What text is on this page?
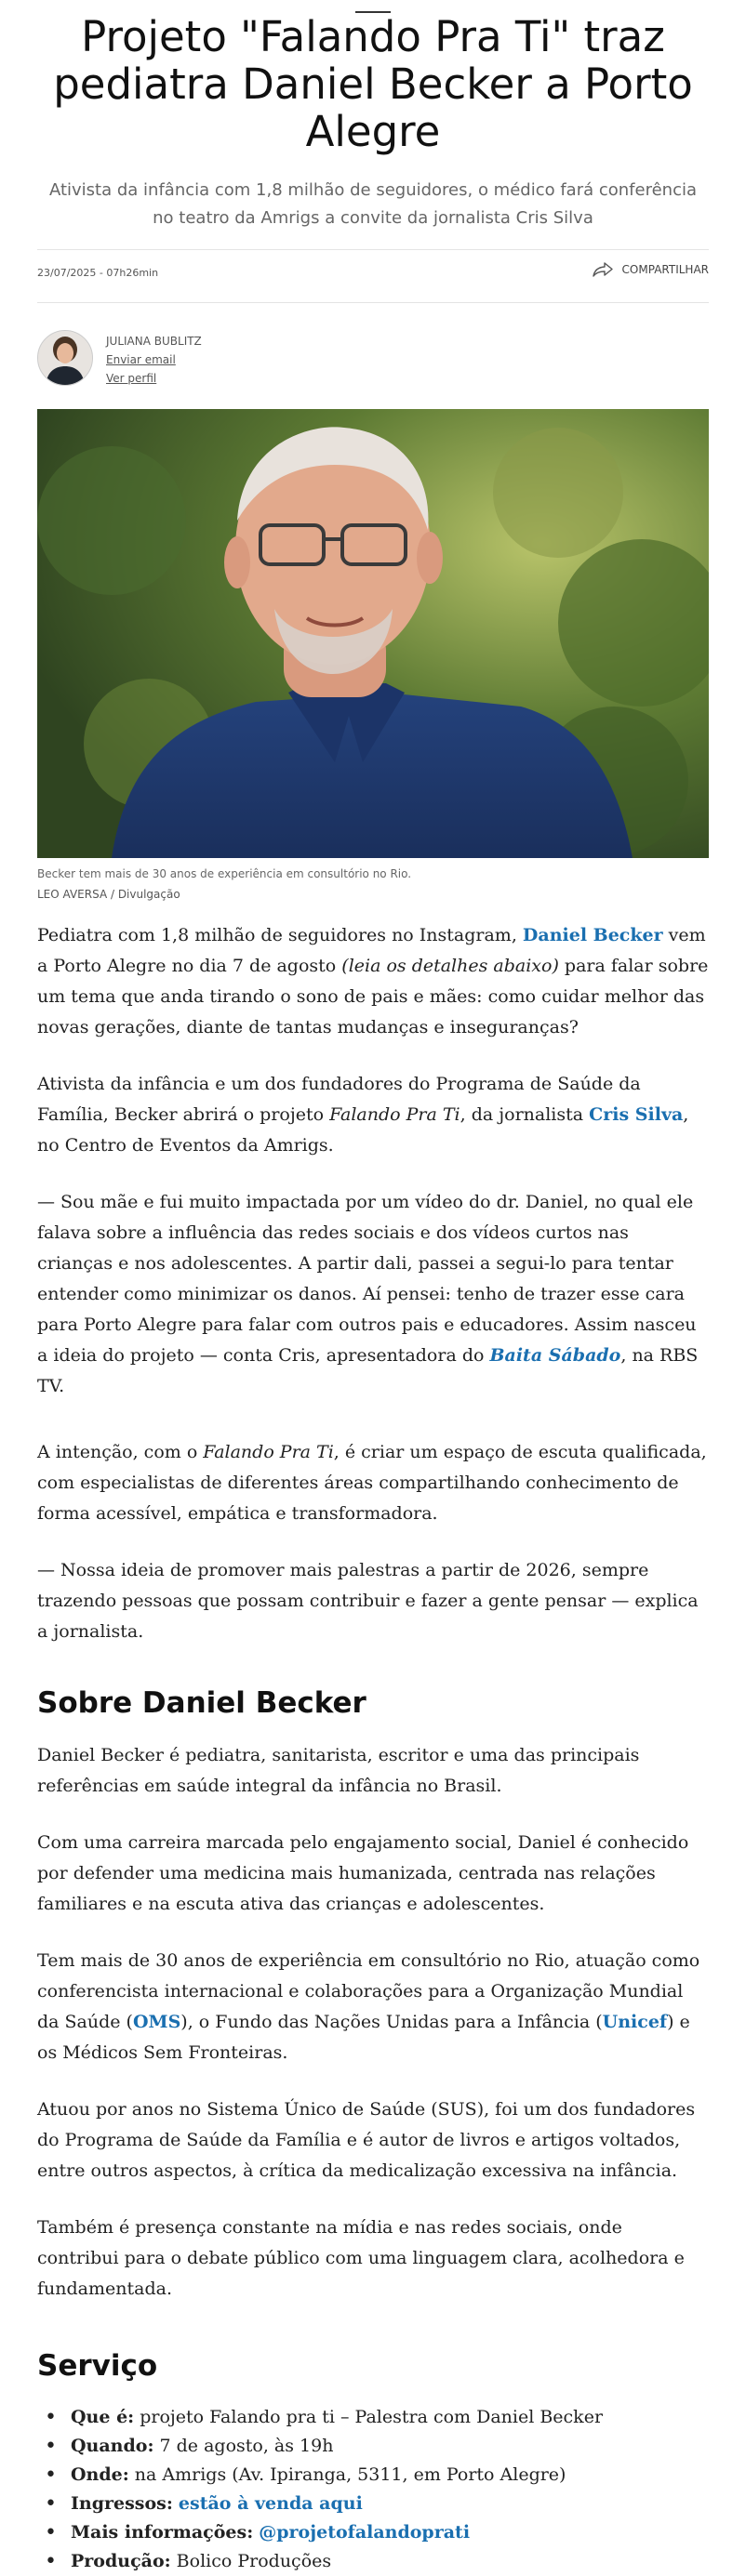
Projeto "Falando Pra Ti" traz pediatra Daniel Becker a Porto Alegre

Ativista da infância com 1,8 milhão de seguidores, o médico fará conferência no teatro da Amrigs a convite da jornalista Cris Silva

23/07/2025 - 07h26min	COMPARTILHAR
JULIANA BUBLITZ
Enviar email
Ver perfil

Becker tem mais de 30 anos de experiência em consultório no Rio.

LEO AVERSA / Divulgação

Pediatra com 1,8 milhão de seguidores no Instagram, Daniel Becker vem a Porto Alegre no dia 7 de agosto (leia os detalhes abaixo) para falar sobre um tema que anda tirando o sono de pais e mães: como cuidar melhor das novas gerações, diante de tantas mudanças e inseguranças?

Ativista da infância e um dos fundadores do Programa de Saúde da Família, Becker abrirá o projeto Falando Pra Ti, da jornalista Cris Silva, no Centro de Eventos da Amrigs.

— Sou mãe e fui muito impactada por um vídeo do dr. Daniel, no qual ele falava sobre a influência das redes sociais e dos vídeos curtos nas crianças e nos adolescentes. A partir dali, passei a segui-lo para tentar entender como minimizar os danos. Aí pensei: tenho de trazer esse cara para Porto Alegre para falar com outros pais e educadores. Assim nasceu a ideia do projeto — conta Cris, apresentadora do Baita Sábado, na RBS TV.

A intenção, com o Falando Pra Ti, é criar um espaço de escuta qualificada, com especialistas de diferentes áreas compartilhando conhecimento de forma acessível, empática e transformadora.

— Nossa ideia de promover mais palestras a partir de 2026, sempre trazendo pessoas que possam contribuir e fazer a gente pensar — explica a jornalista.

Sobre Daniel Becker

Daniel Becker é pediatra, sanitarista, escritor e uma das principais referências em saúde integral da infância no Brasil.

Com uma carreira marcada pelo engajamento social, Daniel é conhecido por defender uma medicina mais humanizada, centrada nas relações familiares e na escuta ativa das crianças e adolescentes.

Tem mais de 30 anos de experiência em consultório no Rio, atuação como conferencista internacional e colaborações para a Organização Mundial da Saúde (OMS), o Fundo das Nações Unidas para a Infância (Unicef) e os Médicos Sem Fronteiras.

Atuou por anos no Sistema Único de Saúde (SUS), foi um dos fundadores do Programa de Saúde da Família e é autor de livros e artigos voltados, entre outros aspectos, à crítica da medicalização excessiva na infância.

Também é presença constante na mídia e nas redes sociais, onde contribui para o debate público com uma linguagem clara, acolhedora e fundamentada.

Serviço
• Que é: projeto Falando pra ti – Palestra com Daniel Becker
• Quando: 7 de agosto, às 19h
• Onde: na Amrigs (Av. Ipiranga, 5311, em Porto Alegre)
• Ingressos: estão à venda aqui
• Mais informações: @projetofalandoprati
• Produção: Bolico Produções
